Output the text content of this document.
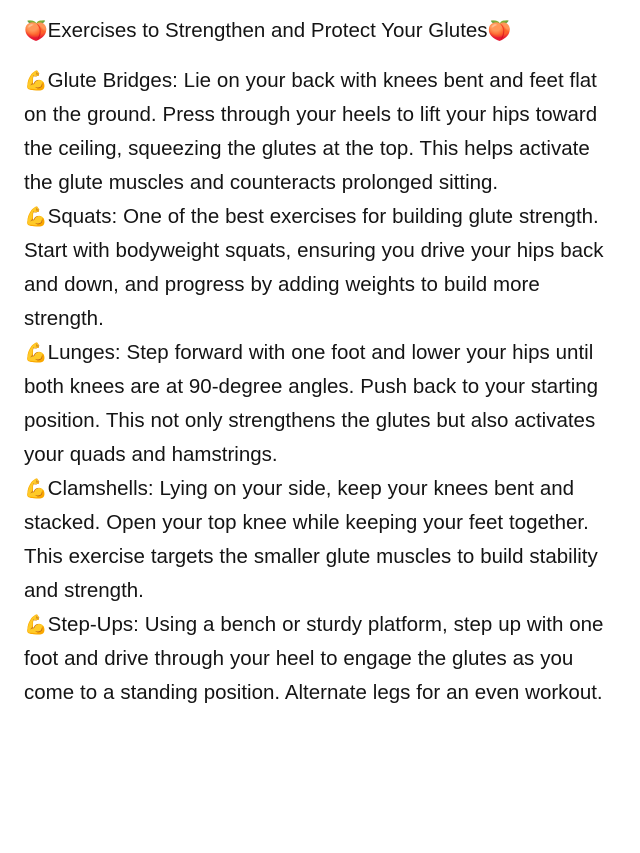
🍑Exercises to Strengthen and Protect Your Glutes🍑

💪Glute Bridges: Lie on your back with knees bent and feet flat on the ground. Press through your heels to lift your hips toward the ceiling, squeezing the glutes at the top. This helps activate the glute muscles and counteracts prolonged sitting.

💪Squats: One of the best exercises for building glute strength. Start with bodyweight squats, ensuring you drive your hips back and down, and progress by adding weights to build more strength.

💪Lunges: Step forward with one foot and lower your hips until both knees are at 90-degree angles. Push back to your starting position. This not only strengthens the glutes but also activates your quads and hamstrings.

💪Clamshells: Lying on your side, keep your knees bent and stacked. Open your top knee while keeping your feet together. This exercise targets the smaller glute muscles to build stability and strength.

💪Step-Ups: Using a bench or sturdy platform, step up with one foot and drive through your heel to engage the glutes as you come to a standing position. Alternate legs for an even workout.
